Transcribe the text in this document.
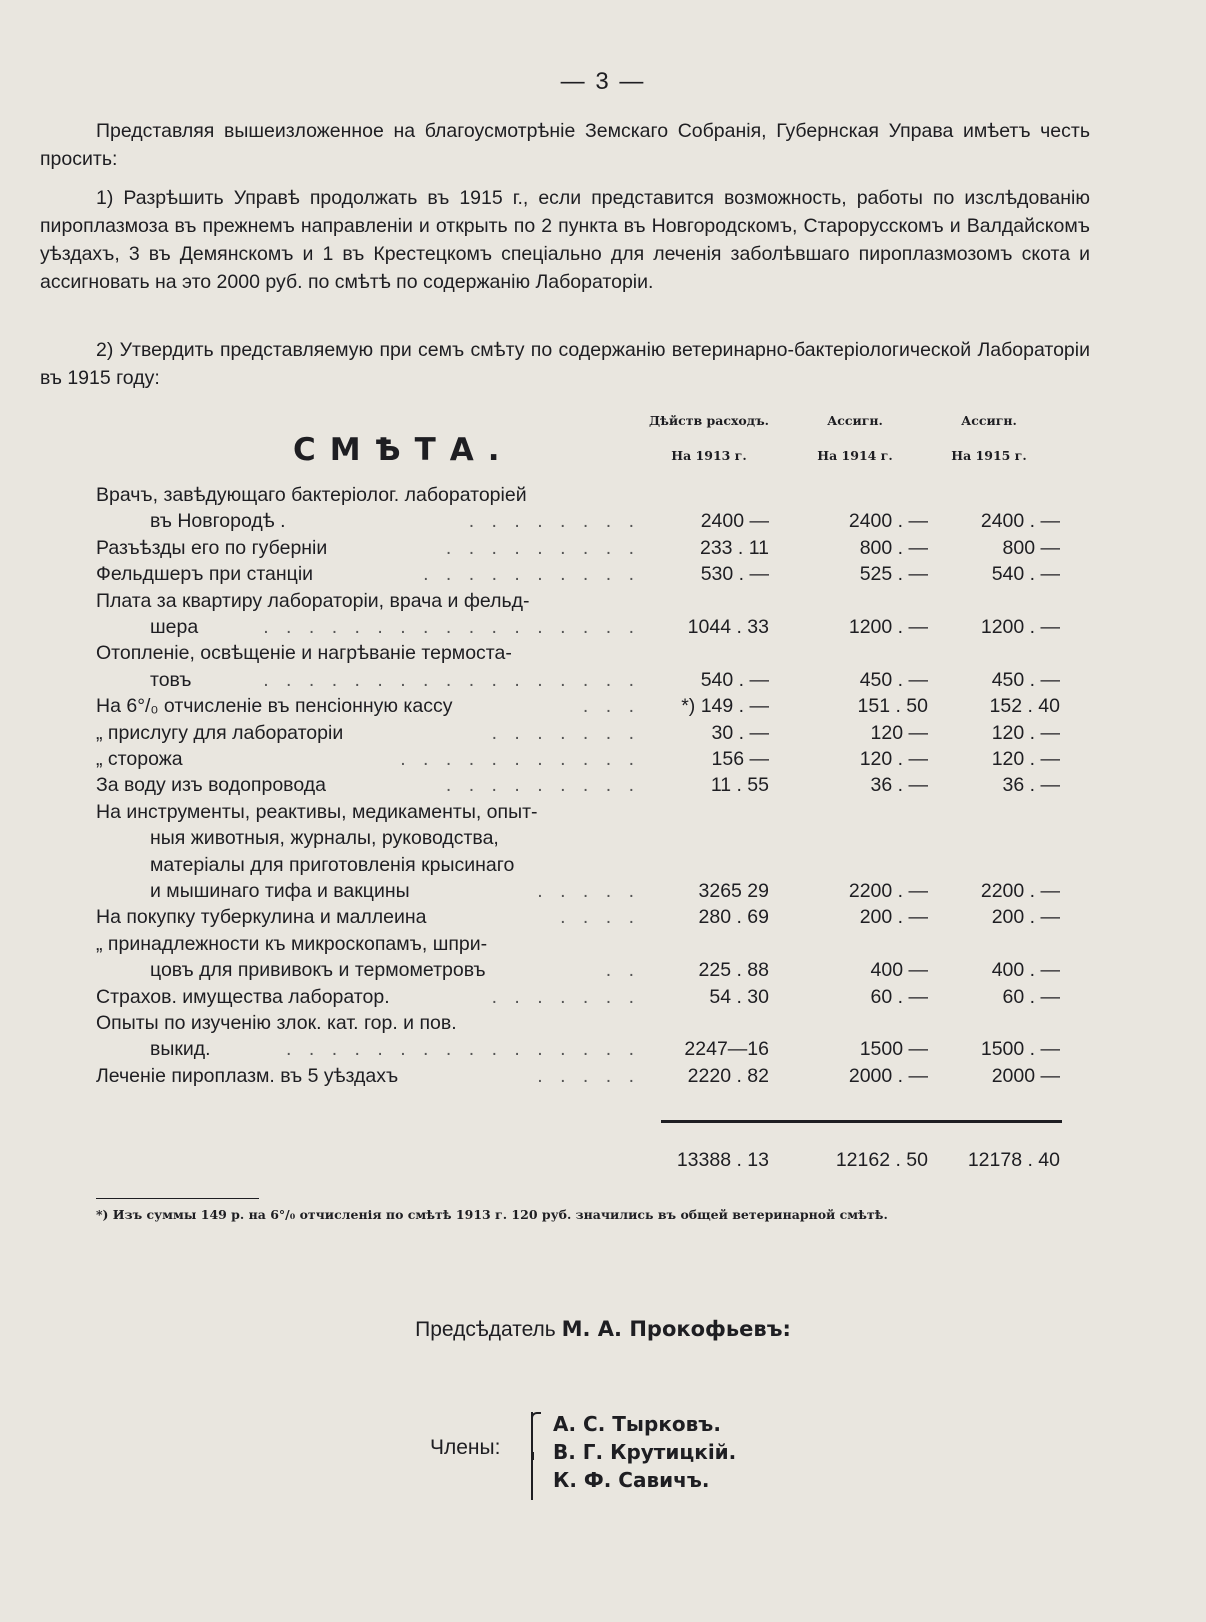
— 3 —
Представляя вышеизложенное на благоусмотрѣніе Земскаго Собранія, Губернская Управа имѣетъ честь просить:
1) Разрѣшить Управѣ продолжать въ 1915 г., если представится возможность, работы по изслѣдованію пироплазмоза въ прежнемъ направленіи и открыть по 2 пункта въ Новгородскомъ, Старорусскомъ и Валдайскомъ уѣздахъ, 3 въ Демянскомъ и 1 въ Крестецкомъ спеціально для леченія заболѣвшаго пироплазмозомъ скота и ассигновать на это 2000 руб. по смѣтѣ по содержанію Лабораторіи.
2) Утвердить представляемую при семъ смѣту по содержанію ветеринарно-бактеріологической Лабораторіи въ 1915 году:
СМѢТА.
Дѣйств расходъ.
На 1913 г.
Ассигн.
На 1914 г.
Ассигн.
На 1915 г.
Врачъ, завѣдующаго бактеріолог. лабораторіей
въ Новгородѣ .	. . . . . . . .	2400 —	2400 . —	2400 . —
Разъѣзды его по губерніи	. . . . . . . . .	233 . 11	800 . —	800 —
Фельдшеръ при станціи	. . . . . . . . . .	530 . —	525 . —	540 . —
Плата за квартиру лабораторіи, врача и фельд-
шера	. . . . . . . . . . . . . . . . .	1044 . 33	1200 . —	1200 . —
Отопленіе, освѣщеніе и нагрѣваніе термоста-
товъ	. . . . . . . . . . . . . . . . .	540 . —	450 . —	450 . —
На 6°/₀ отчисленіе въ пенсіонную кассу	. . .	*) 149 . —	151 . 50	152 . 40
„ прислугу для лабораторіи	. . . . . . .	30 . —	120 —	120 . —
„ сторожа	. . . . . . . . . . .	156 —	120 . —	120 . —
За воду изъ водопровода	. . . . . . . . .	11 . 55	36 . —	36 . —
На инструменты, реактивы, медикаменты, опыт-
ныя животныя, журналы, руководства,
матеріалы для приготовленія крысинаго
и мышинаго тифа и вакцины	. . . . .	3265 29	2200 . —	2200 . —
На покупку туберкулина и маллеина	. . . .	280 . 69	200 . —	200 . —
„ принадлежности къ микроскопамъ, шпри-
цовъ для прививокъ и термометровъ	. .	225 . 88	400 —	400 . —
Страхов. имущества лаборатор.	. . . . . . .	54 . 30	60 . —	60 . —
Опыты по изученію злок. кат. гор. и пов.
выкид.	. . . . . . . . . . . . . . . .	2247—16	1500 —	1500 . —
Леченіе пироплазм. въ 5 уѣздахъ	. . . . .	2220 . 82	2000 . —	2000 —
13388 . 13	12162 . 50	12178 . 40
*) Изъ суммы 149 р. на 6°/₀ отчисленія по смѣтѣ 1913 г. 120 руб. значились въ общей ветеринарной смѣтѣ.
Предсѣдатель М. А. Прокофьевъ:
Члены:
А. С. Тырковъ.
В. Г. Крутицкій.
К. Ф. Савичъ.
